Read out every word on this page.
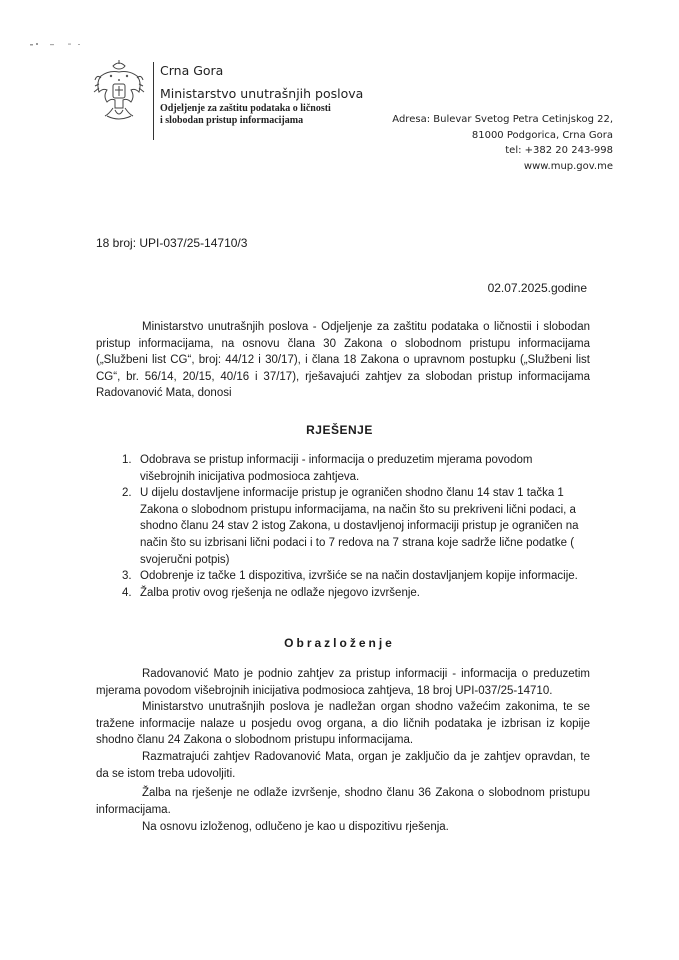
Crna Gora
Ministarstvo unutrašnjih poslova
Odjeljenje za zaštitu podataka o ličnosti
i slobodan pristup informacijama	Adresa: Bulevar Svetog Petra Cetinjskog 22,
81000 Podgorica, Crna Gora
tel: +382 20 243-998
www.mup.gov.me
18 broj: UPI-037/25-14710/3
02.07.2025.godine
Ministarstvo unutrašnjih poslova - Odjeljenje za zaštitu podataka o ličnostii i slobodan pristup informacijama, na osnovu člana 30 Zakona o slobodnom pristupu informacijama („Službeni list CG“, broj: 44/12 i 30/17), i člana 18 Zakona o upravnom postupku („Službeni list CG“, br. 56/14, 20/15, 40/16 i 37/17), rješavajući zahtjev za slobodan pristup informacijama Radovanović Mata, donosi
RJEŠENJE
1. Odobrava se pristup informaciji - informacija o preduzetim mjerama povodom višebrojnih inicijativa podmosioca zahtjeva.
2. U dijelu dostavljene informacije pristup je ograničen shodno članu 14 stav 1 tačka 1 Zakona o slobodnom pristupu informacijama, na način što su prekriveni lični podaci, a shodno članu 24 stav 2 istog Zakona, u dostavljenoj informaciji pristup je ograničen na način što su izbrisani lični podaci i to 7 redova na 7 strana koje sadrže lične podatke ( svojeručni potpis)
3. Odobrenje iz tačke 1 dispozitiva, izvršiće se na način dostavljanjem kopije informacije.
4. Žalba protiv ovog rješenja ne odlaže njegovo izvršenje.
Obrazloženje
Radovanović Mato je podnio zahtjev za pristup informaciji - informacija o preduzetim mjerama povodom višebrojnih inicijativa podmosioca zahtjeva, 18 broj UPI-037/25-14710.
Ministarstvo unutrašnjih poslova je nadležan organ shodno važećim zakonima, te se tražene informacije nalaze u posjedu ovog organa, a dio ličnih podataka je izbrisan iz kopije shodno članu 24 Zakona o slobodnom pristupu informacijama.
Razmatrajući zahtjev Radovanović Mata, organ je zaključio da je zahtjev opravdan, te da se istom treba udovoljiti.
Žalba na rješenje ne odlaže izvršenje, shodno članu 36 Zakona o slobodnom pristupu informacijama.
Na osnovu izloženog, odlučeno je kao u dispozitivu rješenja.
